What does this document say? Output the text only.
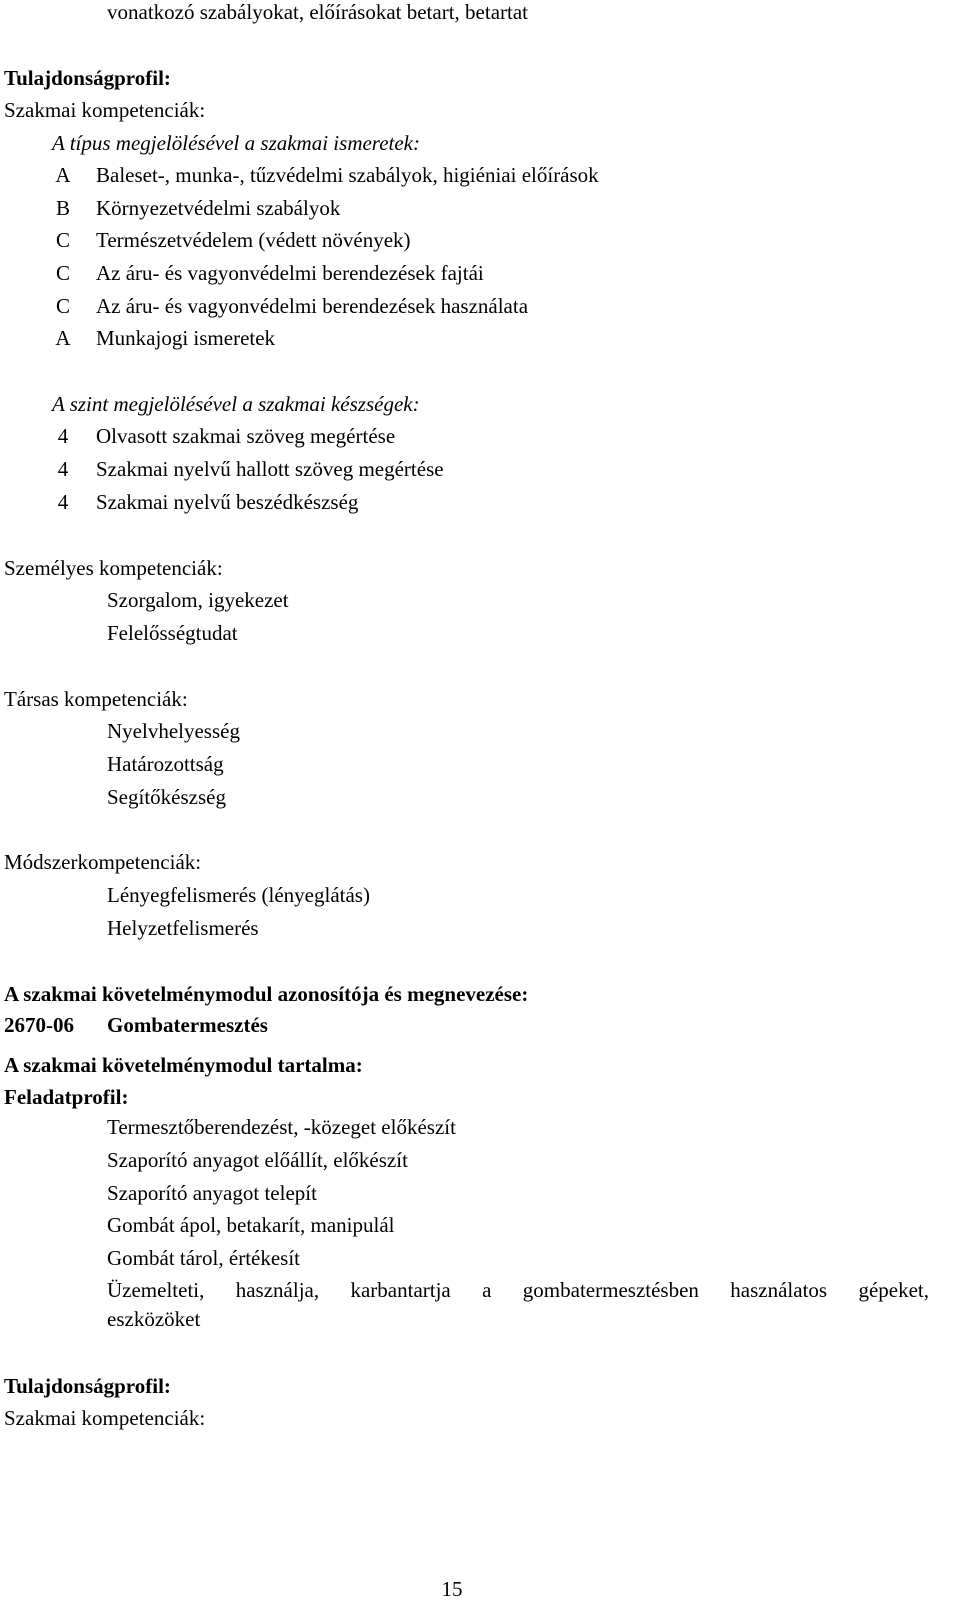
vonatkozó szabályokat, előírásokat betart, betartat
Tulajdonságprofil:
Szakmai kompetenciák:
A típus megjelölésével a szakmai ismeretek:
A	Baleset-, munka-, tűzvédelmi szabályok, higiéniai előírások
B	Környezetvédelmi szabályok
C	Természetvédelem (védett növények)
C	Az áru- és vagyonvédelmi berendezések fajtái
C	Az áru- és vagyonvédelmi berendezések használata
A	Munkajogi ismeretek
A szint megjelölésével a szakmai készségek:
4	Olvasott szakmai szöveg megértése
4	Szakmai nyelvű hallott szöveg megértése
4	Szakmai nyelvű beszédkészség
Személyes kompetenciák:
Szorgalom, igyekezet
Felelősségtudat
Társas kompetenciák:
Nyelvhelyesség
Határozottság
Segítőkészség
Módszerkompetenciák:
Lényegfelismerés (lényeglátás)
Helyzetfelismerés
A szakmai követelménymodul azonosítója és megnevezése:
2670-06 Gombatermesztés
A szakmai követelménymodul tartalma:
Feladatprofil:
Termesztőberendezést, -közeget előkészít
Szaporító anyagot előállít, előkészít
Szaporító anyagot telepít
Gombát ápol, betakarít, manipulál
Gombát tárol, értékesít
Üzemelteti, használja, karbantartja a gombatermesztésben használatos gépeket,
eszközöket
Tulajdonságprofil:
Szakmai kompetenciák:
15
